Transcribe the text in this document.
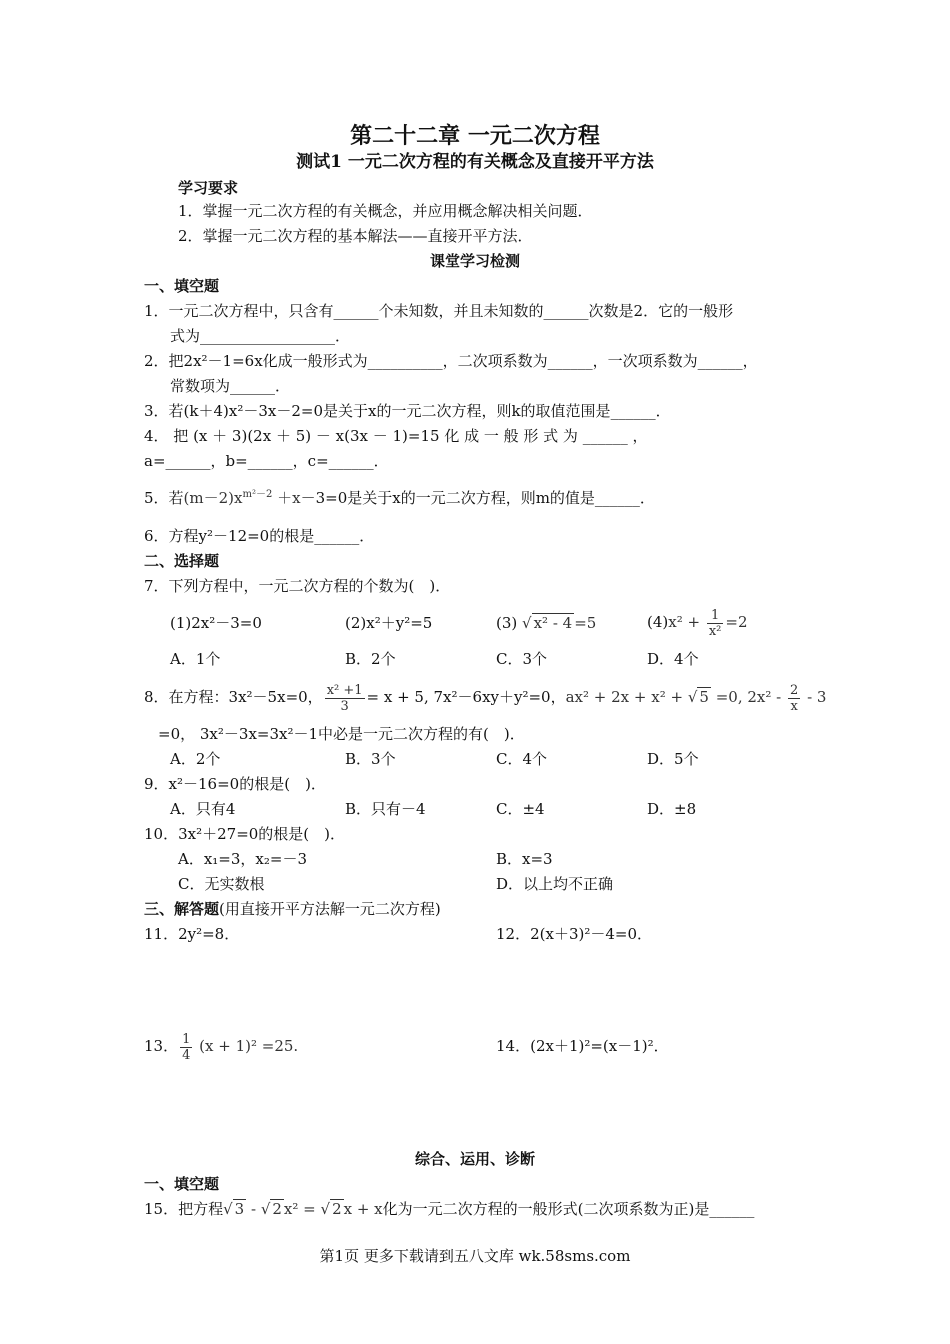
第二十二章 一元二次方程
测试1 一元二次方程的有关概念及直接开平方法
学习要求
1．掌握一元二次方程的有关概念，并应用概念解决相关问题．
2．掌握一元二次方程的基本解法——直接开平方法．
课堂学习检测
一、填空题
1．一元二次方程中，只含有______个未知数，并且未知数的______次数是2．它的一般形
式为__________________．
2．把2x²－1=6x化成一般形式为__________，二次项系数为______，一次项系数为______，
常数项为______．
3．若(k＋4)x²－3x－2=0是关于x的一元二次方程，则k的取值范围是______．
4． 把 (x ＋ 3)(2x ＋ 5) － x(3x － 1)=15 化 成 一 般 形 式 为 ______ ，
a=______，b=______，c=______．
5．若$(m-2)x^{m^2-2} +x-3=0$是关于x的一元二次方程，则m的值是______．
6．方程y²－12=0的根是______．
二、选择题
7．下列方程中，一元二次方程的个数为(　)．
(1)2x²－3=0	(2)x²＋y²=5	(3) √ x² - 4 =5	$(4)x^2 + \frac{1}{\text{x²}} =2$
A．1个	B．2个	C．3个	D．4个
8．在方程：3x²－5x=0， $\frac{\text{x² +1}}{3} = x + 5$, 7x²－6xy＋y²=0，ax² + 2x + x² + √ 5 =0, $2x^2 - \frac{2}{x} - 3$
=0， 3x²－3x=3x²－1中必是一元二次方程的有(　)．
A．2个	B．3个	C．4个	D．5个
9．x²－16=0的根是(　)．
A．只有4	B．只有－4	C．±4	D．±8
10．3x²＋27=0的根是(　)．
A．x₁=3，x₂=－3	B．x=3
C．无实数根	D．以上均不正确
三、解答题(用直接开平方法解一元二次方程)
11．2y²=8．	12．2(x＋3)²－4=0．
13． $\frac{1}{4} (x + 1)^2 =25$.	14．(2x＋1)²=(x－1)²．
综合、运用、诊断
一、填空题
15．把方程√ 3 - √ 2 x² = √ 2 x + x化为一元二次方程的一般形式(二次项系数为正)是______
第1页 更多下载请到五八文库 wk.58sms.com
